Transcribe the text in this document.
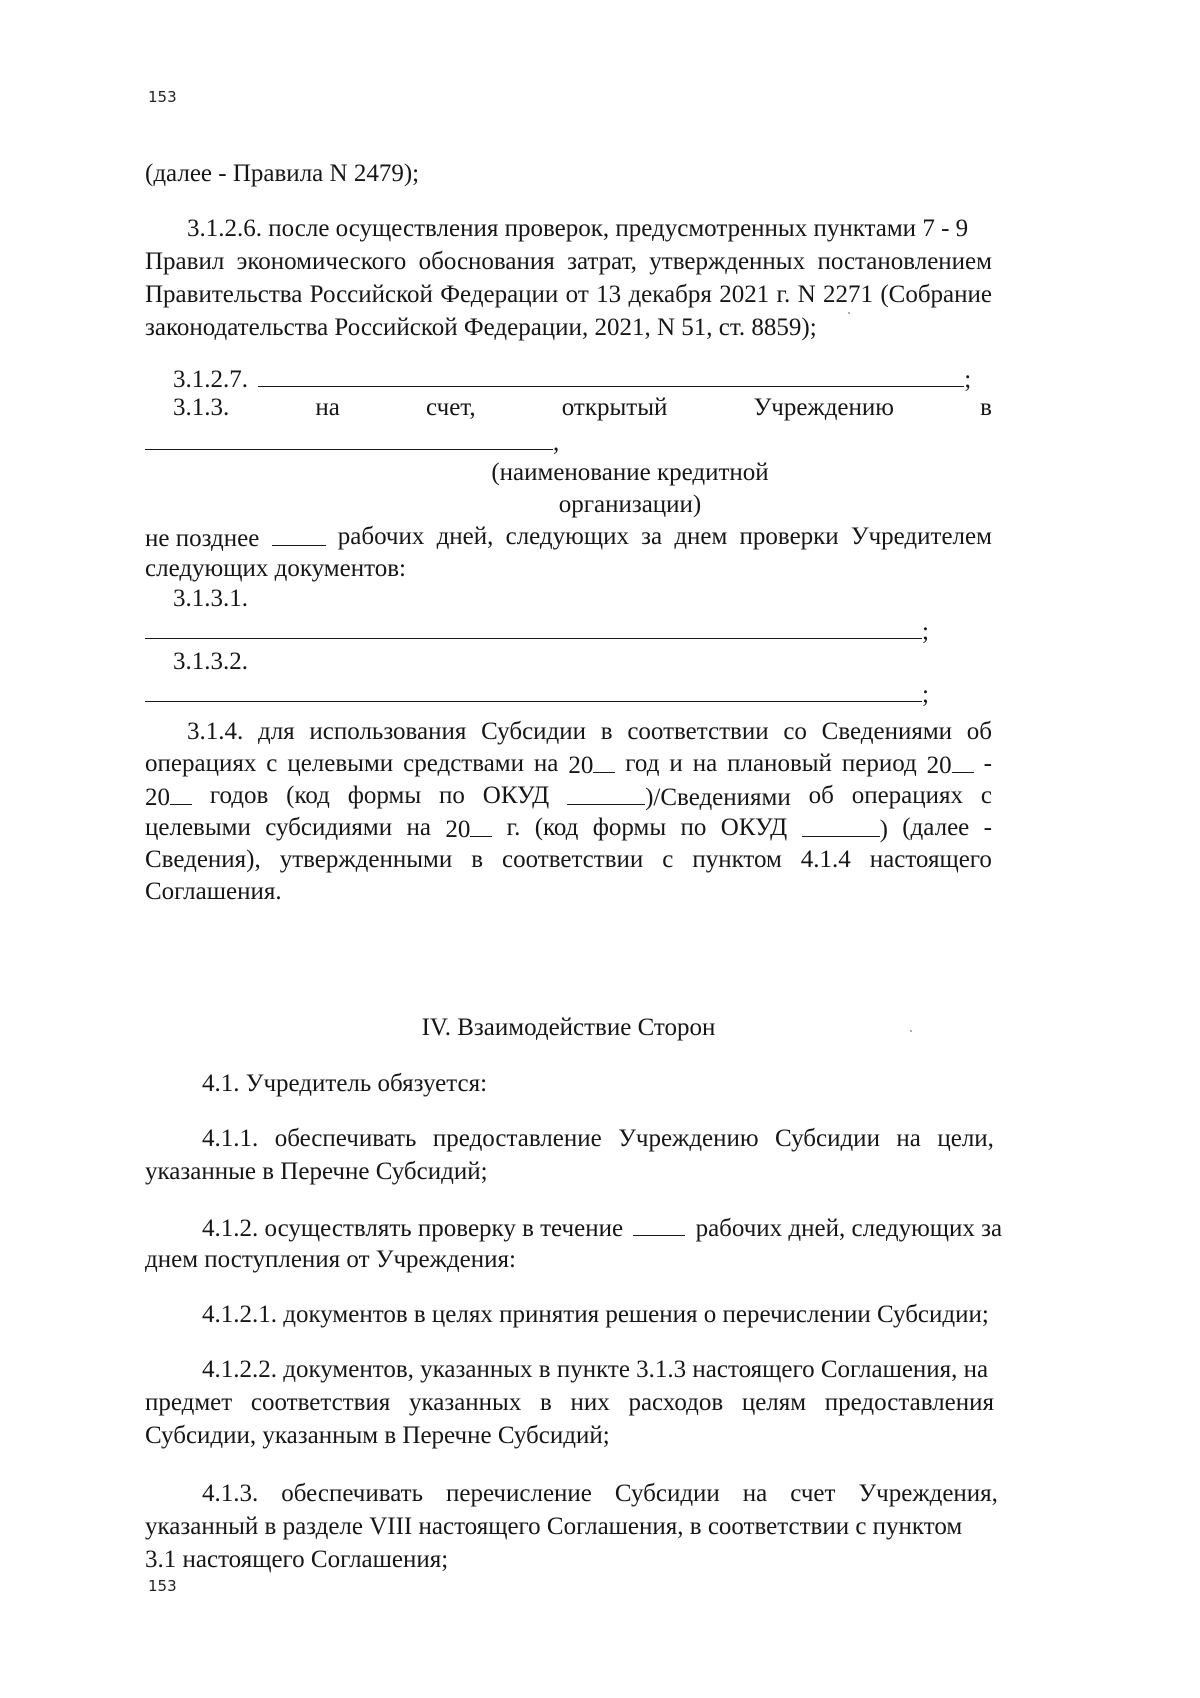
153
(далее - Правила N 2479);
3.1.2.6. после осуществления проверок, предусмотренных пунктами 7 - 9
Правил экономического обоснования затрат, утвержденных постановлением
Правительства Российской Федерации от 13 декабря 2021 г. N 2271 (Собрание
законодательства Российской Федерации, 2021, N 51, ст. 8859);
3.1.2.7.	;
3.1.3.	на	счет,	открытый	Учреждению	в
,
(наименование кредитной
организации)
не позднее	рабочих дней, следующих за днем проверки Учредителем
следующих документов:
3.1.3.1.
;
3.1.3.2.
;
3.1.4. для использования Субсидии в соответствии со Сведениями об
операциях с целевыми средствами на 20	год и на плановый период 20	-
20	годов (код формы по ОКУД	)/Сведениями об операциях с
целевыми субсидиями на 20	г. (код формы по ОКУД	) (далее -
Сведения), утвержденными в соответствии с пунктом 4.1.4 настоящего
Соглашения.
IV. Взаимодействие Сторон
4.1. Учредитель обязуется:
4.1.1. обеспечивать предоставление Учреждению Субсидии на цели,
указанные в Перечне Субсидий;
4.1.2. осуществлять проверку в течение	рабочих дней, следующих за
днем поступления от Учреждения:
4.1.2.1. документов в целях принятия решения о перечислении Субсидии;
4.1.2.2. документов, указанных в пункте 3.1.3 настоящего Соглашения, на
предмет соответствия указанных в них расходов целям предоставления
Субсидии, указанным в Перечне Субсидий;
4.1.3. обеспечивать перечисление Субсидии на счет Учреждения,
указанный в разделе VIII настоящего Соглашения, в соответствии с пунктом
3.1 настоящего Соглашения;
153
